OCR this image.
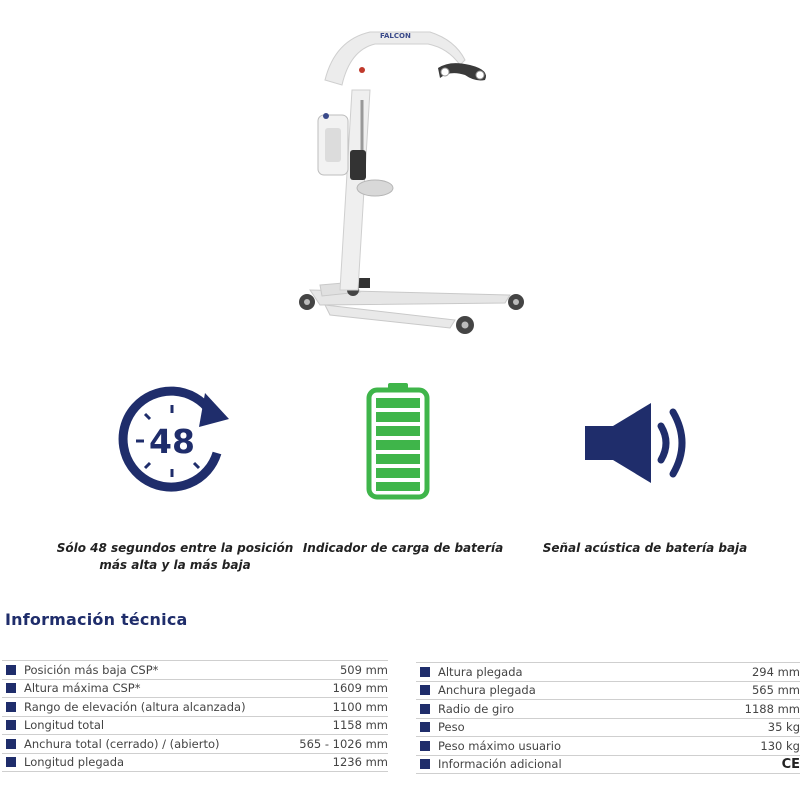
FALCON
48
Sólo 48 segundos entre la posición
más alta y la más baja
Indicador de carga de batería	Señal acústica de batería baja
Información técnica
Posición más baja CSP*	509 mm
Altura máxima CSP*	1609 mm
Rango de elevación (altura alcanzada)	1100 mm
Longitud total	1158 mm
Anchura total (cerrado) / (abierto)	565 - 1026 mm
Longitud plegada	1236 mm
Altura plegada	294 mm
Anchura plegada	565 mm
Radio de giro	1188 mm
Peso	35 kg
Peso máximo usuario	130 kg
Información adicional	CE
